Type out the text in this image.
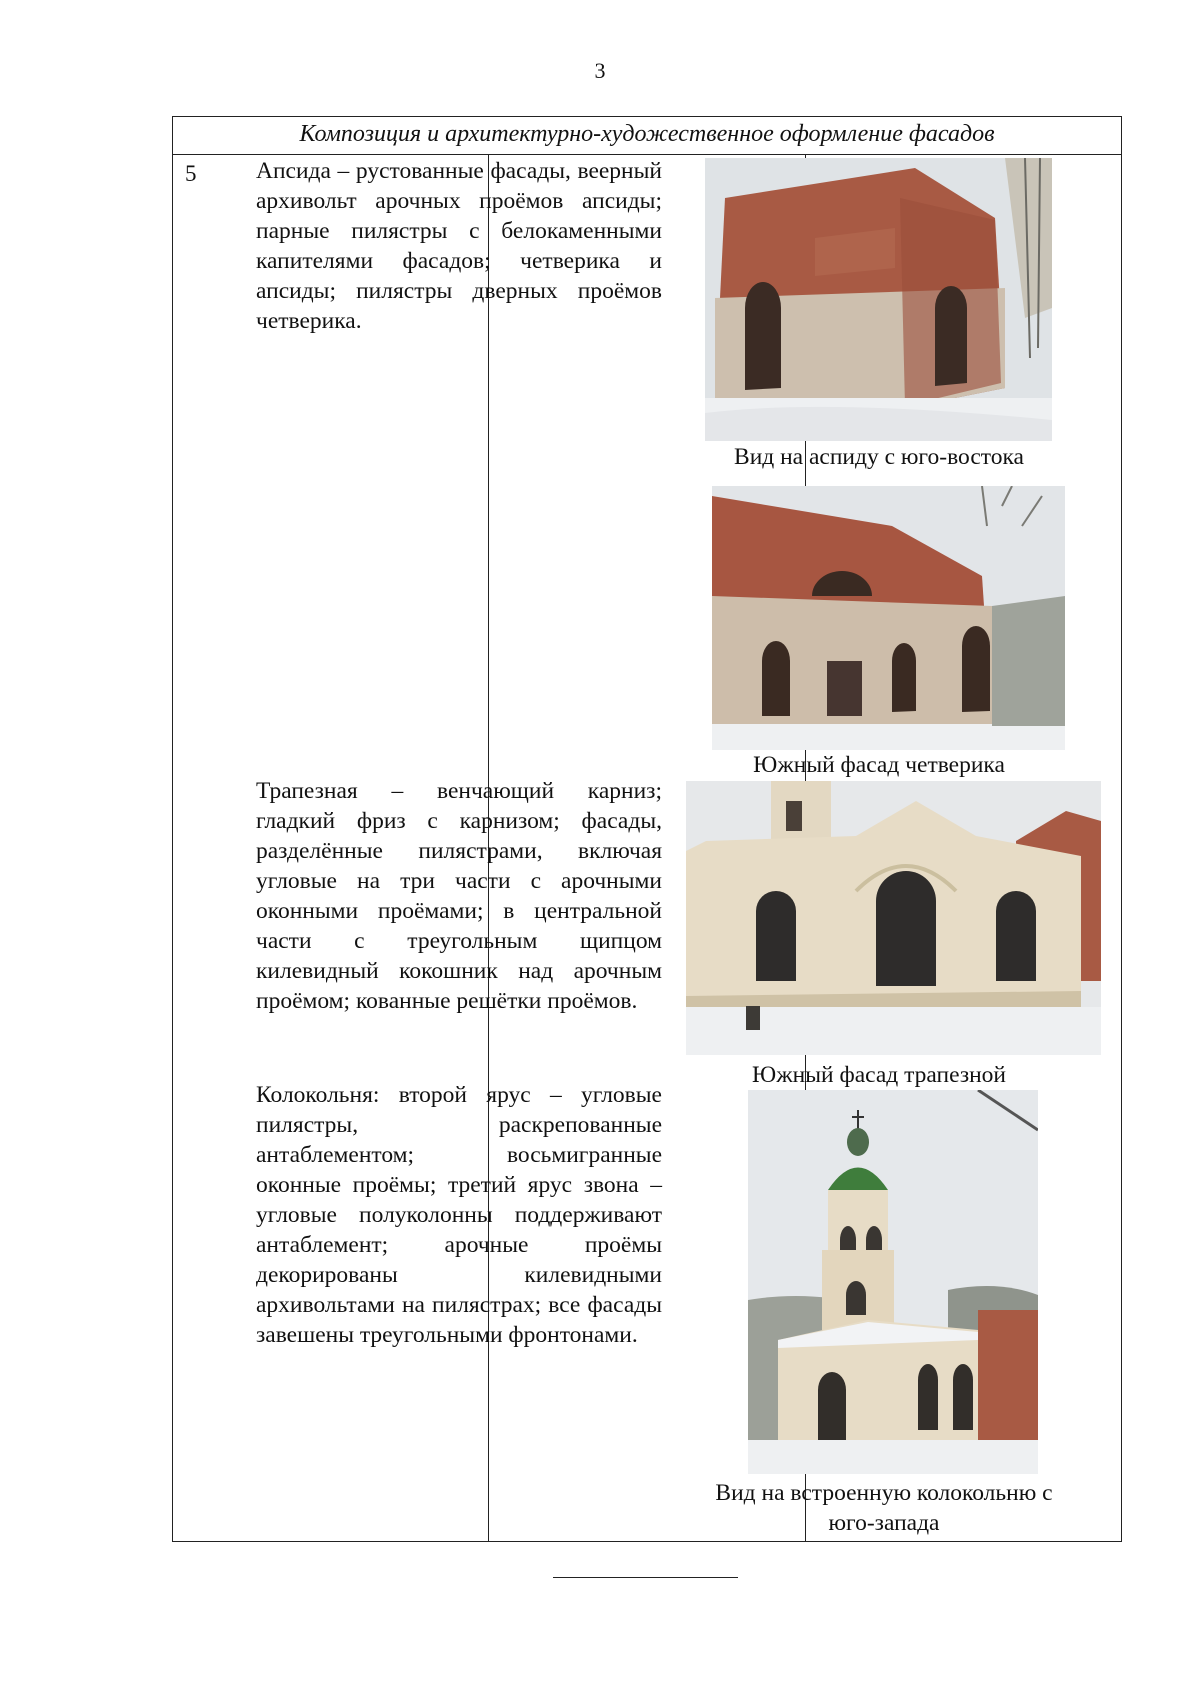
3
Композиция и архитектурно-художественное оформление фасадов
5			Апсида – рустованные фасады, веерный архивольт арочных проёмов апсиды; парные пилястры с белокаменными капителями фасадов; четверика и апсиды; пилястры дверных проёмов четверика.

Трапезная – венчающий карниз; гладкий фриз с карнизом; фасады, разделённые пилястрами, включая угловые на три части с арочными оконными проёмами; в центральной части с треугольным щипцом килевидный кокошник над арочным проёмом; кованные решётки проёмов.

Колокольня: второй ярус – угловые пилястры, раскрепованные антаблементом; восьмигранные оконные проёмы; третий ярус звона – угловые полуколонны поддерживают антаблемент; арочные проёмы декорированы килевидными архивольтами на пилястрах; все фасады завешены треугольными фронтонами.

Вид на аспиду с юго-востока
Южный фасад четверика
Южный фасад трапезной
Вид на встроенную колокольню с юго-запада
